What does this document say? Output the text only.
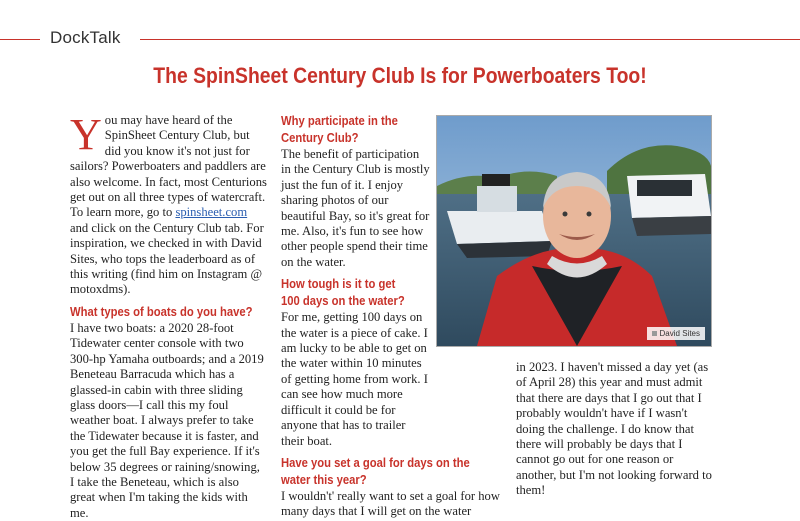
DockTalk
The SpinSheet Century Club Is for Powerboaters Too!

You may have heard of the SpinSheet Century Club, but did you know it's not just for sailors? Powerboaters and paddlers are also welcome. In fact, most Centurions get out on all three types of watercraft. To learn more, go to spinsheet.com and click on the Century Club tab. For inspiration, we checked in with David Sites, who tops the leaderboard as of this writing (find him on Instagram @ motoxdms).

What types of boats do you have?

I have two boats: a 2020 28-foot Tidewater center console with two 300-hp Yamaha outboards; and a 2019 Beneteau Barracuda which has a glassed-in cabin with three sliding glass doors—I call this my foul weather boat. I always prefer to take the Tidewater because it is faster, and you get the full Bay experience. If it's below 35 degrees or raining/snowing, I take the Beneteau, which is also great when I'm taking the kids with me.

Why participate in the Century Club?

The benefit of participation in the Century Club is mostly just the fun of it. I enjoy sharing photos of our beautiful Bay, so it's great for me. Also, it's fun to see how other people spend their time on the water.

How tough is it to get 100 days on the water?

For me, getting 100 days on the water is a piece of cake. I am lucky to be able to get on the water within 10 minutes of getting home from work. I can see how much more difficult it could be for anyone that has to trailer their boat.

Have you set a goal for days on the water this year?

I wouldn't' really want to set a goal for how many days that I will get on the water

David Sites

in 2023. I haven't missed a day yet (as of April 28) this year and must admit that there are days that I go out that I probably wouldn't have if I wasn't doing the challenge. I do know that there will probably be days that I cannot go out for one reason or another, but I'm not looking forward to them!
